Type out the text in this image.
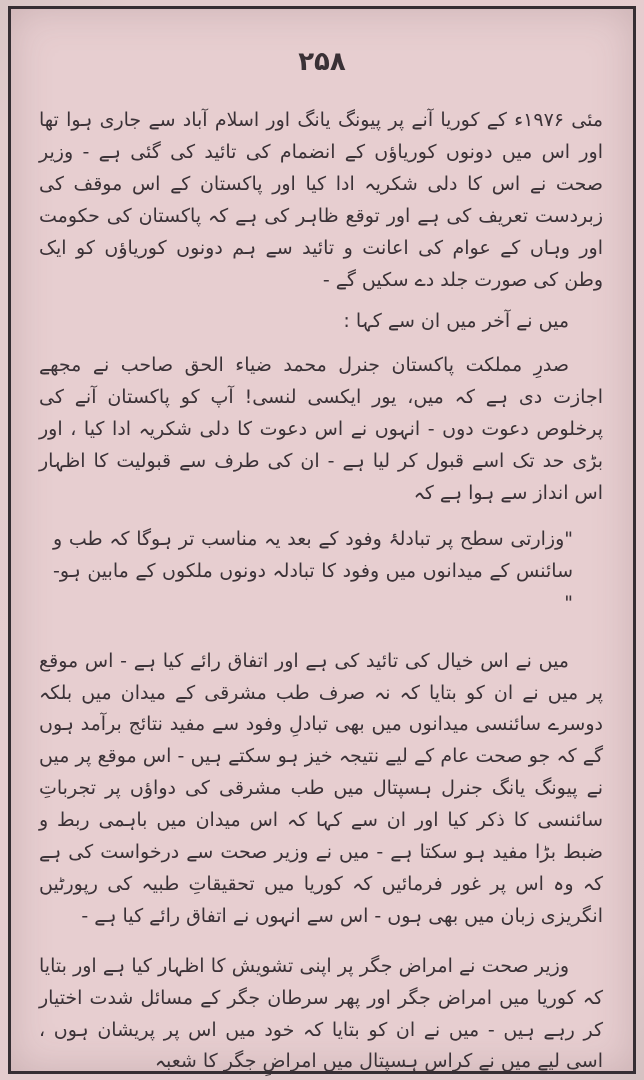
۲۵۸

مئی ۱۹۷۶ء کے کوریا آنے پر پیونگ یانگ اور اسلام آباد سے جاری ہوا تھا اور اس میں دونوں کوریاؤں کے انضمام کی تائید کی گئی ہے - وزیر صحت نے اس کا دلی شکریہ ادا کیا اور پاکستان کے اس موقف کی زبردست تعریف کی ہے اور توقع ظاہر کی ہے کہ پاکستان کی حکومت اور وہاں کے عوام کی اعانت و تائید سے ہم دونوں کوریاؤں کو ایک وطن کی صورت جلد دے سکیں گے -

میں نے آخر میں ان سے کہا :

صدرِ مملکت پاکستان جنرل محمد ضیاء الحق صاحب نے مجھے اجازت دی ہے کہ میں، یور ایکسی لنسی! آپ کو پاکستان آنے کی پرخلوص دعوت دوں - انہوں نے اس دعوت کا دلی شکریہ ادا کیا ، اور بڑی حد تک اسے قبول کر لیا ہے - ان کی طرف سے قبولیت کا اظہار اس انداز سے ہوا ہے کہ

"وزارتی سطح پر تبادلۂ وفود کے بعد یہ مناسب تر ہوگا کہ طب و سائنس کے میدانوں میں وفود کا تبادلہ دونوں ملکوں کے مابین ہو-"

میں نے اس خیال کی تائید کی ہے اور اتفاق رائے کیا ہے - اس موقع پر میں نے ان کو بتایا کہ نہ صرف طب مشرقی کے میدان میں بلکہ دوسرے سائنسی میدانوں میں بھی تبادلِ وفود سے مفید نتائج برآمد ہوں گے کہ جو صحت عام کے لیے نتیجہ خیز ہو سکتے ہیں - اس موقع پر میں نے پیونگ یانگ جنرل ہسپتال میں طب مشرقی کی دواؤں پر تجرباتِ سائنسی کا ذکر کیا اور ان سے کہا کہ اس میدان میں باہمی ربط و ضبط بڑا مفید ہو سکتا ہے - میں نے وزیر صحت سے درخواست کی ہے کہ وہ اس پر غور فرمائیں کہ کوریا میں تحقیقاتِ طبیہ کی رپورٹیں انگریزی زبان میں بھی ہوں - اس سے انہوں نے اتفاق رائے کیا ہے -

وزیر صحت نے امراض جگر پر اپنی تشویش کا اظہار کیا ہے اور بتایا کہ کوریا میں امراض جگر اور پھر سرطان جگر کے مسائل شدت اختیار کر رہے ہیں - میں نے ان کو بتایا کہ خود میں اس پر پریشان ہوں ، اسی لیے میں نے کراس ہسپتال میں امراضِ جگر کا شعبہ
